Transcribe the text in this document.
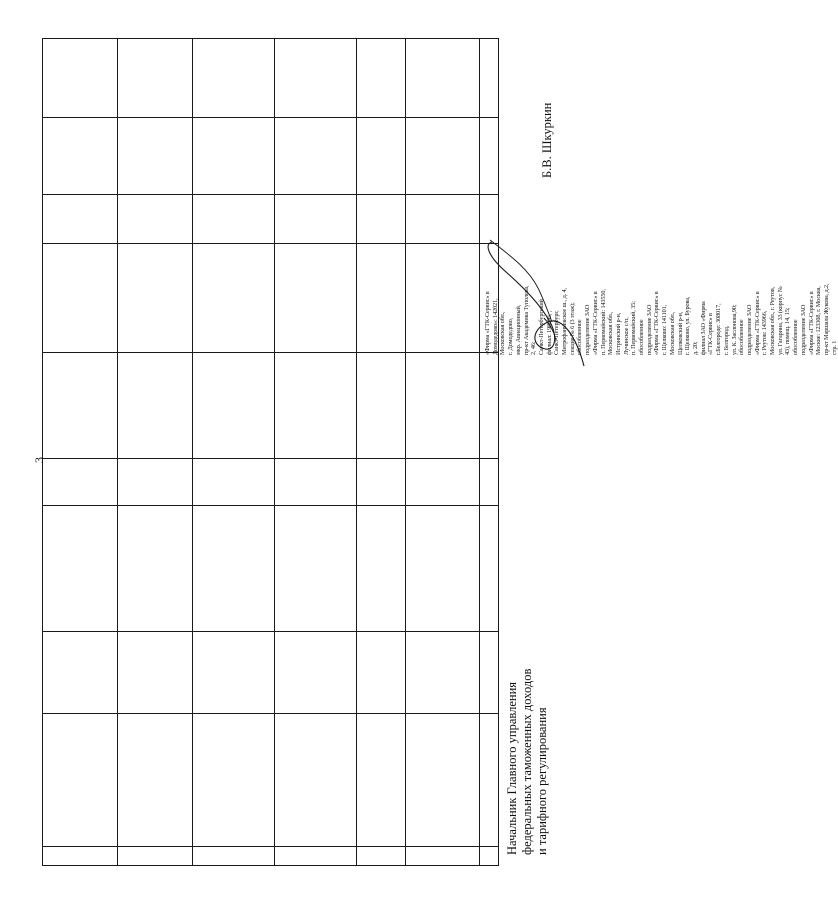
3
«Фирма «ГТК-Сервис» в Домодедово»: 142021, Московская обл., г. Домодедово, мкр. Авиационный, пр-кт Академика Туполева, 2, 46; Санкт-Петербургский филиал: 198095, , Санкт-Петербург, Митрофаньевское ш., д. 4, секция № 6 (3 этаж); обособленное подразделение ЗАО «Фирма «ГТК-Сервис» в п. Первомайский: 143550, Московская обл., Истринский р-н, Лучинское с/п, п. Первомайский, 35; обособленное подразделение ЗАО «Фирма «ГТК-Сервис» в г. Щелково: 141101, Московская обл., Щелковский р-н, г. Щелково, ул. Бурова, д. 20; филиал ЗАО «Фирма «ГТК-Сервис» в г.Белгороде: 308017, г. Белгород, ул. К. Заслонова,90; обособленное подразделение ЗАО «Фирма «ГТК-Сервис» в г. Реутов: 143966, Московская обл., г. Реутов, ул. Гагарина, 33 (корпус № 43), помещ. 14, 15; обособленное подразделение ЗАО «Фирма «ГТК-Сервис» в Москве: 123308, г. Москва, пр-кт Маршала Жукова, д.2, стр. 1
Б.В. Шкуркин
Начальник Главного управления федеральных таможенных доходов и тарифного регулирования
